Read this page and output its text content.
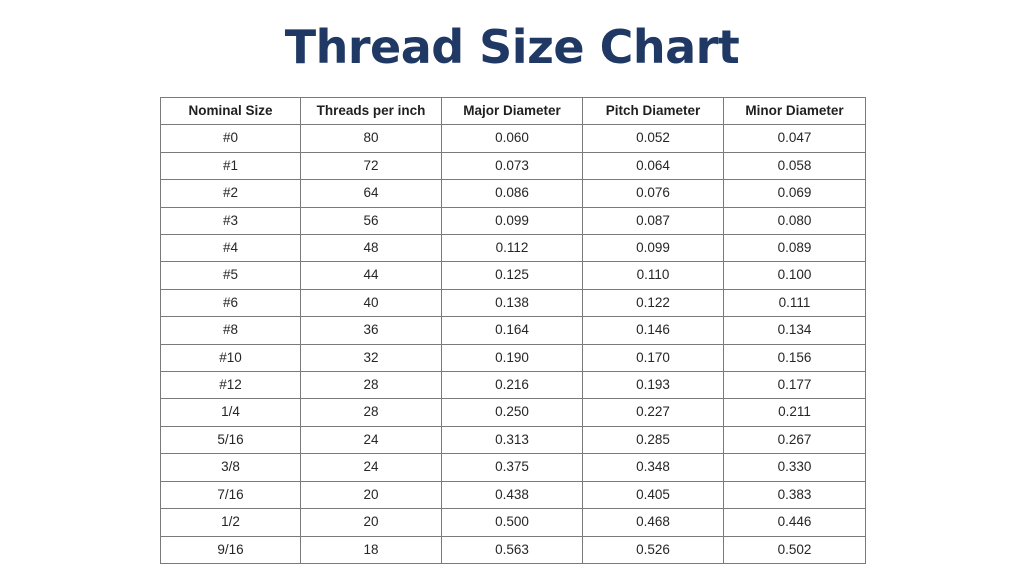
Thread Size Chart
Nominal Size	Threads per inch	Major Diameter	Pitch Diameter	Minor Diameter
#0	80	0.060	0.052	0.047
#1	72	0.073	0.064	0.058
#2	64	0.086	0.076	0.069
#3	56	0.099	0.087	0.080
#4	48	0.112	0.099	0.089
#5	44	0.125	0.110	0.100
#6	40	0.138	0.122	0.111
#8	36	0.164	0.146	0.134
#10	32	0.190	0.170	0.156
#12	28	0.216	0.193	0.177
1/4	28	0.250	0.227	0.211
5/16	24	0.313	0.285	0.267
3/8	24	0.375	0.348	0.330
7/16	20	0.438	0.405	0.383
1/2	20	0.500	0.468	0.446
9/16	18	0.563	0.526	0.502
